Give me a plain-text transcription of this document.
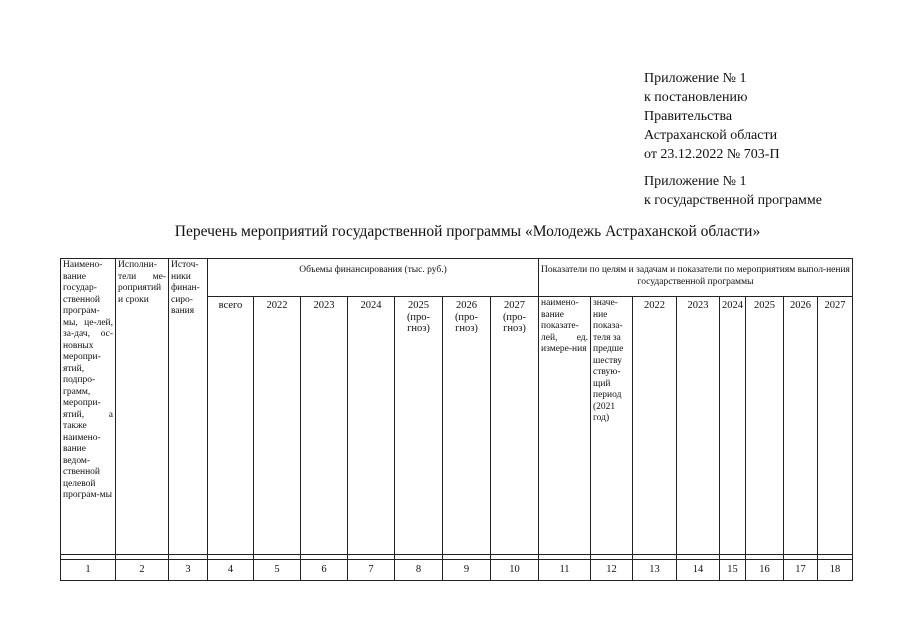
Приложение № 1
к постановлению
Правительства
Астраханской области
от 23.12.2022 № 703-П
Приложение № 1
к государственной программе
Перечень мероприятий государственной программы «Молодежь Астраханской области»
Наимено-вание государ-ственной програм-мы, це-лей, за-дач, ос-новных меропри-ятий, подпро-грамм, меропри-ятий, а также наимено-вание ведом-ственной целевой програм-мы	Исполни-тели ме-роприятий и сроки	Источ-ники финан-сиро-вания	Объемы финансирования (тыс. руб.)							Показатели по целям и задачам и показатели по мероприятиям выпол-нения государственной программы							
			всего	2022	2023	2024	2025 (про-гноз)	2026 (про-гноз)	2027 (про-гноз)	наимено-вание показате-лей, ед. измере-ния	значе-ние показа-теля за предше шеству ствую-щий период (2021 год)	2022	2023	2024	2025	2026	2027

1	2	3	4	5	6	7	8	9	10	11	12	13	14	15	16	17	18
